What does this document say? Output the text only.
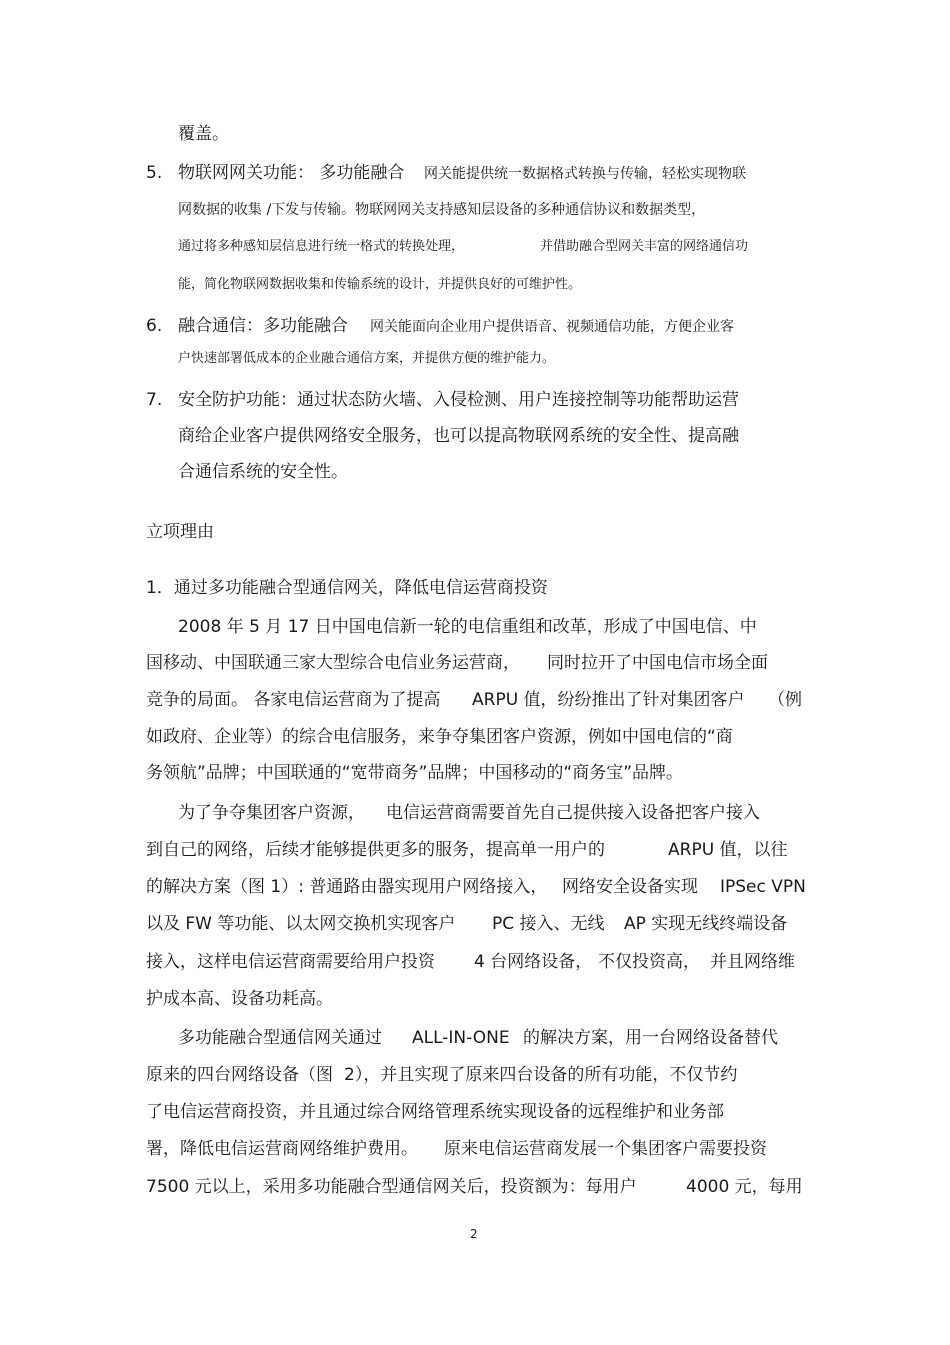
覆盖。
5. 物联网网关功能： 多功能融合 网关能提供统一数据格式转换与传输，轻松实现物联
网数据的收集 /下发与传输。物联网网关支持感知层设备的多种通信协议和数据类型，
通过将多种感知层信息进行统一格式的转换处理，	并借助融合型网关丰富的网络通信功
能，简化物联网数据收集和传输系统的设计，并提供良好的可维护性。
6. 融合通信：多功能融合 网关能面向企业用户提供语音、视频通信功能，方便企业客
户快速部署低成本的企业融合通信方案，并提供方便的维护能力。
7. 安全防护功能：通过状态防火墙、入侵检测、用户连接控制等功能帮助运营
商给企业客户提供网络安全服务，也可以提高物联网系统的安全性、提高融
合通信系统的安全性。
立项理由
1．通过多功能融合型通信网关，降低电信运营商投资
2008 年 5 月 17 日中国电信新一轮的电信重组和改革，形成了中国电信、中
国移动、中国联通三家大型综合电信业务运营商， 同时拉开了中国电信市场全面
竞争的局面。 各家电信运营商为了提高 ARPU 值，纷纷推出了针对集团客户 （例
如政府、企业等）的综合电信服务，来争夺集团客户资源，例如中国电信的“商
务领航”品牌；中国联通的“宽带商务”品牌；中国移动的“商务宝”品牌。
为了争夺集团客户资源， 电信运营商需要首先自己提供接入设备把客户接入
到自己的网络，后续才能够提供更多的服务，提高单一用户的	ARPU 值，以往
的解决方案（图 1）: 普通路由器实现用户网络接入， 网络安全设备实现 IPSec VPN
以及 FW 等功能、以太网交换机实现客户 PC 接入、无线 AP 实现无线终端设备
接入，这样电信运营商需要给用户投资 4 台网络设备， 不仅投资高， 并且网络维
护成本高、设备功耗高。
多功能融合型通信网关通过 ALL-IN-ONE 的解决方案，用一台网络设备替代
原来的四台网络设备（图 2），并且实现了原来四台设备的所有功能，不仅节约
了电信运营商投资，并且通过综合网络管理系统实现设备的远程维护和业务部
署，降低电信运营商网络维护费用。 原来电信运营商发展一个集团客户需要投资
7500 元以上，采用多功能融合型通信网关后，投资额为：每用户	4000 元，每用
2
